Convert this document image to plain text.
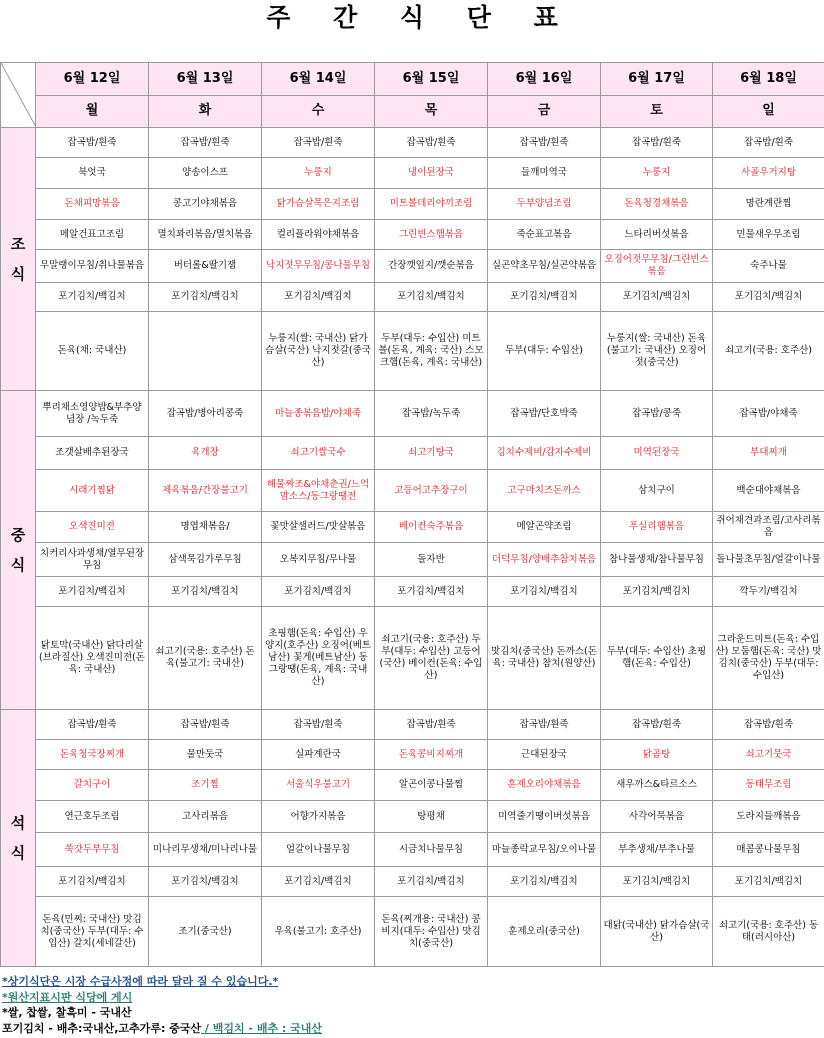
주 간 식 단 표
	6월 12일	6월 13일	6월 14일	6월 15일	6월 16일	6월 17일	6월 18일
	월	화	수	목	금	토	일

조
식	잡곡밥/흰죽	잡곡밥/흰죽	잡곡밥/흰죽	잡곡밥/흰죽	잡곡밥/흰죽	잡곡밥/흰죽	잡곡밥/흰죽
	북엇국	양송이스프	누룽지	냉이된장국	들깨미역국	누룽지	사골우거지탕
	돈채피망볶음	콩고기야채볶음	닭가슴살묵은지조림	미트볼데리야끼조림	두부양념조림	돈육청경채볶음	명란계란찜
	메알건표고조림	멸치꽈리볶음/멸치볶음	컬리플라워야채볶음	그린빈스햄볶음	죽순표고볶음	느타리버섯볶음	민물새우무조림
	무말랭이무침/취나물볶음	버터롤&딸기잼	낙지젓무무침/콩나물무침	간장깻잎지/깻순볶음	실곤약초무침/실곤약볶음	오징어젓무무침/그린빈스볶음	숙주나물
	포기김치/백김치	포기김치/백김치	포기김치/백김치	포기김치/백김치	포기김치/백김치	포기김치/백김치	포기김치/백김치
	돈육(채: 국내산)		누룽지(쌀: 국내산) 닭가슴살(국산) 낙지젓갈(중국산)	두부(대두: 수입산) 미트볼(돈육, 계육: 국산) 스모크햄(돈육, 계육: 국내산)	두부(대두: 수입산)	누룽지(쌀: 국내산) 돈육(불고기: 국내산) 오징어젓(중국산)	쇠고기(국용: 호주산)

중
식	뿌리채소영양밥&부추양념장 /녹두죽	잡곡밥/병아리콩죽	마늘종볶음밥/야채죽	잡곡밥/녹두죽	잡곡밥/단호박죽	잡곡밥/콩죽	잡곡밥/야채죽
	조갯살배추된장국	육개장	쇠고기쌀국수	쇠고기탕국	김치수제비/감자수제비	미역된장국	부대찌개
	시래기찜닭	제육볶음/간장불고기	해물짜조&야채춘권/느억맘소스/동그랑땡전	고등어고추장구이	고구마치즈돈까스	삼치구이	백순대야채볶음
	오색진미전	명엽채볶음/	꽃맛살샐러드/맛살볶음	베이컨숙주볶음	메알곤약조림	푸실리햄볶음	쥐어채견과조림/고사리볶음
	치커리사과생채/열무된장무침	삼색묵김가루무침	오복지무침/무나물	돌자반	더덕무침/양배추참치볶음	참나물생채/참나물무침	돌나물초무침/얼갈이나물
	포기김치/백김치	포기김치/백김치	포기김치/백김치	포기김치/백김치	포기김치/백김치	포기김치/백김치	깍두기/백김치
	닭토막(국내산) 닭다리살(브라질산) 오색진미전(돈육: 국내산)	쇠고기(국용: 호주산) 돈육(불고기: 국내산)	초핑햄(돈육: 수입산) 우양지(호주산) 오징어(베트남산) 꽃게(베트남산) 동그랑땡(돈육, 계육: 국내산)	쇠고기(국용: 호주산) 두부(대두: 수입산) 고등어(국산) 베이컨(돈육: 수입산)	맛김치(중국산) 돈까스(돈육: 국내산) 참치(원양산)	두부(대두: 수입산) 초핑햄(돈육: 수입산)	그라운드미트(돈육: 수입산) 모둠햄(돈육: 국산) 맛김치(중국산) 두부(대두: 수입산)

석
식	잡곡밥/흰죽	잡곡밥/흰죽	잡곡밥/흰죽	잡곡밥/흰죽	잡곡밥/흰죽	잡곡밥/흰죽	잡곡밥/흰죽
	돈육청국장찌개	물만둣국	실파계란국	돈육콩비지찌개	근대된장국	닭곰탕	쇠고기뭇국
	갈치구이	조기찜	서울식우불고기	알곤이콩나물찜	훈제오리야채볶음	새우까스&타르소스	동태무조림
	연근호두조림	고사리볶음	어향가지볶음	탕평채	미역줄기땡이버섯볶음	사각어묵볶음	도라지들깨볶음
	쑥갓두부무침	미나리무생채/미나리나물	얼갈이나물무침	시금치나물무침	마늘종락교무침/오이나물	부추생채/부추나물	매콤콩나물무침
	포기김치/백김치	포기김치/백김치	포기김치/백김치	포기김치/백김치	포기김치/백김치	포기김치/백김치	포기김치/백김치
	돈육(민찌: 국내산) 맛김치(중국산) 두부(대두: 수입산) 갈치(세네갈산)	조기(중국산)	우육(불고기: 호주산)	돈육(찌개용: 국내산) 콩비지(대두: 수입산) 맛김치(중국산)	훈제오리(중국산)	대닭(국내산) 닭가슴살(국산)	쇠고기(국용: 호주산) 동태(러시아산)
*상기식단은 시장 수급사정에 따라 달라 질 수 있습니다.*
*원산지표시판 식당에 게시
*쌀, 찹쌀, 찰흑미 - 국내산
포기김치 - 배추:국내산,고추가루: 중국산 / 백김치 - 배추 : 국내산
